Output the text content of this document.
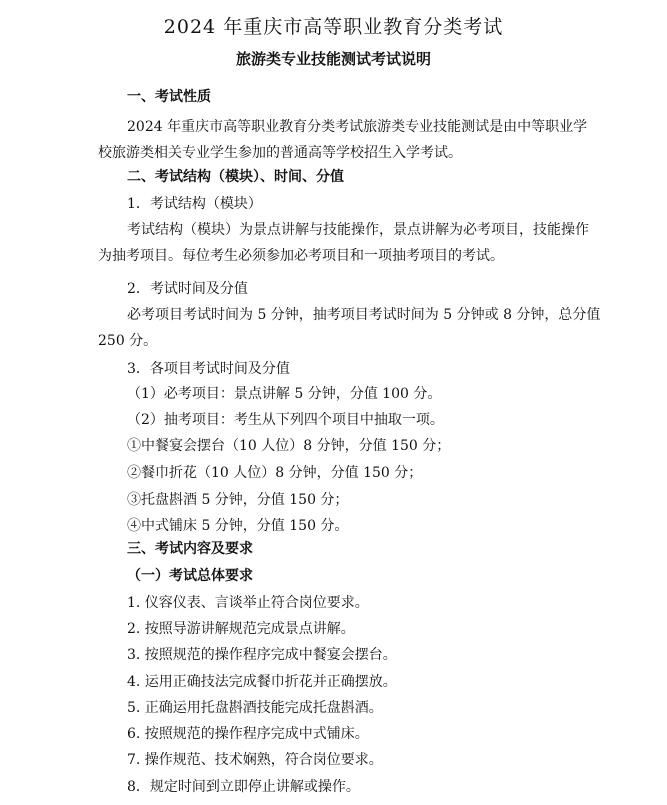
2024 年重庆市高等职业教育分类考试
旅游类专业技能测试考试说明
一、考试性质
2024 年重庆市高等职业教育分类考试旅游类专业技能测试是由中等职业学
校旅游类相关专业学生参加的普通高等学校招生入学考试。
二、考试结构（模块）、时间、分值
1．考试结构（模块）
考试结构（模块）为景点讲解与技能操作，景点讲解为必考项目，技能操作
为抽考项目。每位考生必须参加必考项目和一项抽考项目的考试。
2．考试时间及分值
必考项目考试时间为 5 分钟，抽考项目考试时间为 5 分钟或 8 分钟，总分值
250 分。
3．各项目考试时间及分值
（1）必考项目：景点讲解 5 分钟，分值 100 分。
（2）抽考项目：考生从下列四个项目中抽取一项。
①中餐宴会摆台（10 人位）8 分钟，分值 150 分；
②餐巾折花（10 人位）8 分钟，分值 150 分；
③托盘斟酒 5 分钟，分值 150 分；
④中式铺床 5 分钟，分值 150 分。
三、考试内容及要求
（一）考试总体要求
1. 仪容仪表、言谈举止符合岗位要求。
2. 按照导游讲解规范完成景点讲解。
3. 按照规范的操作程序完成中餐宴会摆台。
4. 运用正确技法完成餐巾折花并正确摆放。
5. 正确运用托盘斟酒技能完成托盘斟酒。
6. 按照规范的操作程序完成中式铺床。
7. 操作规范、技术娴熟，符合岗位要求。
8．规定时间到立即停止讲解或操作。
